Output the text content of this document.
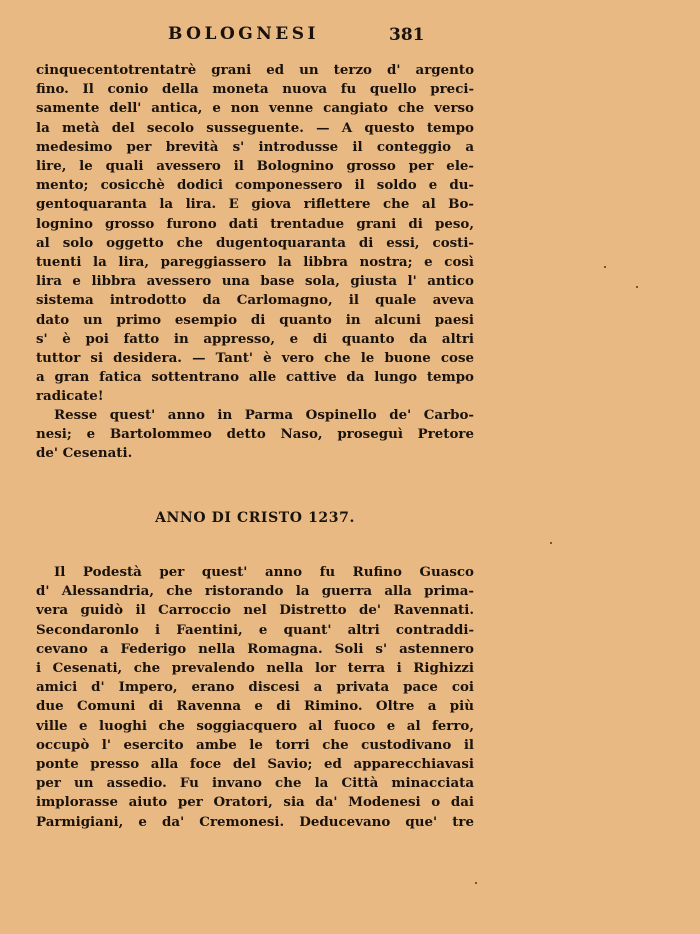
BOLOGNESI	381
cinquecentotrentatrè grani ed un terzo d' argento
fino. Il conio della moneta nuova fu quello preci-
samente dell' antica, e non venne cangiato che verso
la metà del secolo susseguente. — A questo tempo
medesimo per brevità s' introdusse il conteggio a
lire, le quali avessero il Bolognino grosso per ele-
mento; cosicchè dodici componessero il soldo e du-
gentoquaranta la lira. E giova riflettere che al Bo-
lognino grosso furono dati trentadue grani di peso,
al solo oggetto che dugentoquaranta di essi, costi-
tuenti la lira, pareggiassero la libbra nostra; e così
lira e libbra avessero una base sola, giusta l' antico
sistema introdotto da Carlomagno, il quale aveva
dato un primo esempio di quanto in alcuni paesi
s' è poi fatto in appresso, e di quanto da altri
tuttor si desidera. — Tant' è vero che le buone cose
a gran fatica sottentrano alle cattive da lungo tempo
radicate!
Resse quest' anno in Parma Ospinello de' Carbo-
nesi; e Bartolommeo detto Naso, proseguì Pretore
de' Cesenati.
ANNO DI CRISTO 1237.
Il Podestà per quest' anno fu Rufino Guasco
d' Alessandria, che ristorando la guerra alla prima-
vera guidò il Carroccio nel Distretto de' Ravennati.
Secondaronlo i Faentini, e quant' altri contraddi-
cevano a Federigo nella Romagna. Soli s' astennero
i Cesenati, che prevalendo nella lor terra i Righizzi
amici d' Impero, erano discesi a privata pace coi
due Comuni di Ravenna e di Rimino. Oltre a più
ville e luoghi che soggiacquero al fuoco e al ferro,
occupò l' esercito ambe le torri che custodivano il
ponte presso alla foce del Savio; ed apparecchiavasi
per un assedio. Fu invano che la Città minacciata
implorasse aiuto per Oratori, sia da' Modenesi o dai
Parmigiani, e da' Cremonesi. Deducevano que' tre
